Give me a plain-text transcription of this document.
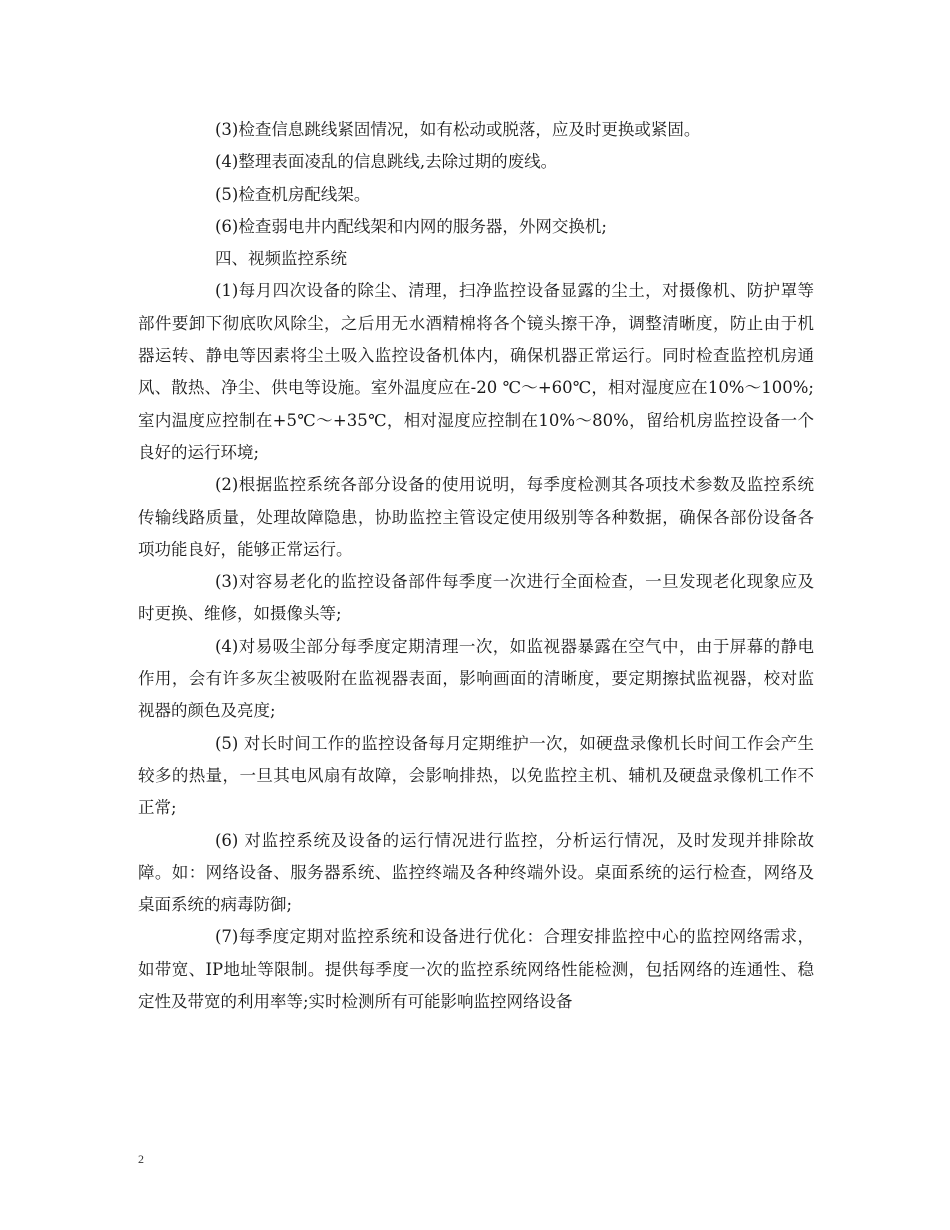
(3)检查信息跳线紧固情况，如有松动或脱落，应及时更换或紧固。

(4)整理表面凌乱的信息跳线,去除过期的废线。

(5)检查机房配线架。

(6)检查弱电井内配线架和内网的服务器，外网交换机;

四、视频监控系统

(1)每月四次设备的除尘、清理，扫净监控设备显露的尘土，对摄像机、防护罩等部件要卸下彻底吹风除尘，之后用无水酒精棉将各个镜头擦干净，调整清晰度，防止由于机器运转、静电等因素将尘土吸入监控设备机体内，确保机器正常运行。同时检查监控机房通风、散热、净尘、供电等设施。室外温度应在-20 ℃～+60℃，相对湿度应在10%～100%;室内温度应控制在+5℃～+35℃，相对湿度应控制在10%～80%，留给机房监控设备一个良好的运行环境;

(2)根据监控系统各部分设备的使用说明，每季度检测其各项技术参数及监控系统传输线路质量，处理故障隐患，协助监控主管设定使用级别等各种数据，确保各部份设备各项功能良好，能够正常运行。

(3)对容易老化的监控设备部件每季度一次进行全面检查，一旦发现老化现象应及时更换、维修，如摄像头等;

(4)对易吸尘部分每季度定期清理一次，如监视器暴露在空气中，由于屏幕的静电作用，会有许多灰尘被吸附在监视器表面，影响画面的清晰度，要定期擦拭监视器，校对监视器的颜色及亮度;

(5) 对长时间工作的监控设备每月定期维护一次，如硬盘录像机长时间工作会产生较多的热量，一旦其电风扇有故障，会影响排热，以免监控主机、辅机及硬盘录像机工作不正常;

(6) 对监控系统及设备的运行情况进行监控，分析运行情况，及时发现并排除故障。如：网络设备、服务器系统、监控终端及各种终端外设。桌面系统的运行检查，网络及桌面系统的病毒防御;

(7)每季度定期对监控系统和设备进行优化：合理安排监控中心的监控网络需求，如带宽、IP地址等限制。提供每季度一次的监控系统网络性能检测，包括网络的连通性、稳定性及带宽的利用率等;实时检测所有可能影响监控网络设备

2
